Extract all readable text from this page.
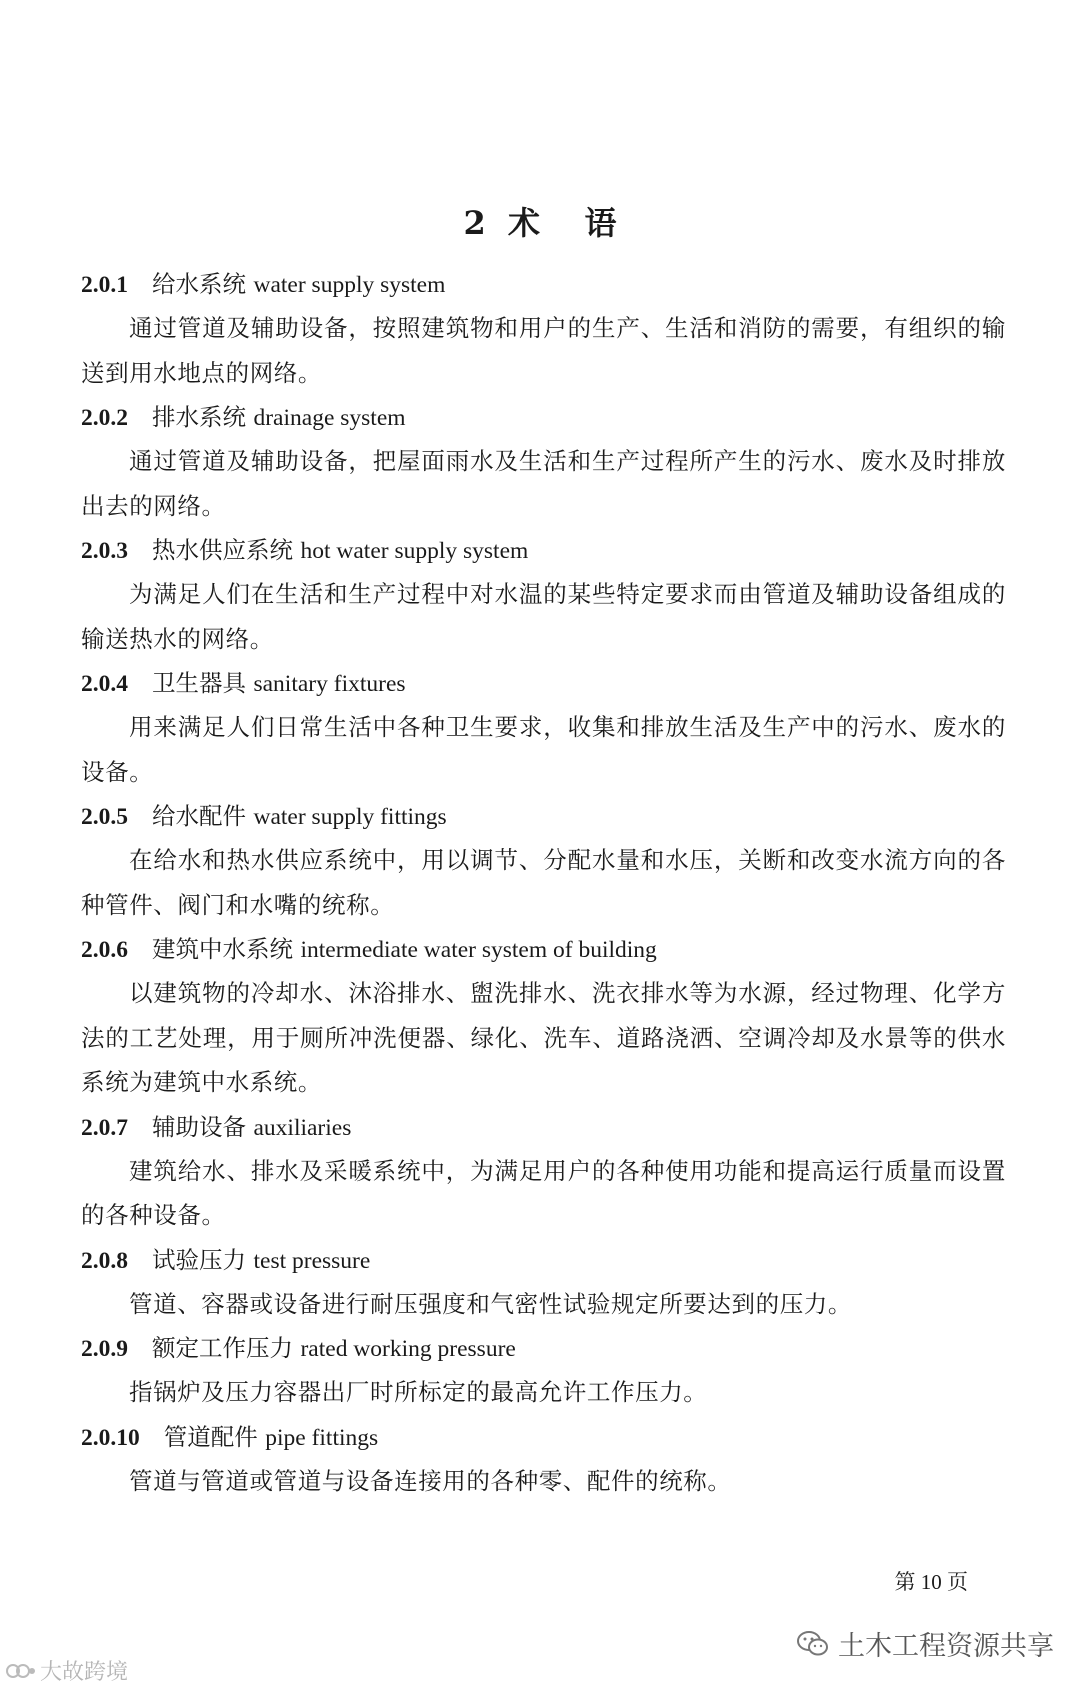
2  术    语
2.0.1 给水系统 water supply system

通过管道及辅助设备，按照建筑物和用户的生产、生活和消防的需要，有组织的输送到用水地点的网络。

2.0.2 排水系统 drainage system

通过管道及辅助设备，把屋面雨水及生活和生产过程所产生的污水、废水及时排放出去的网络。

2.0.3 热水供应系统 hot water supply system

为满足人们在生活和生产过程中对水温的某些特定要求而由管道及辅助设备组成的输送热水的网络。

2.0.4 卫生器具 sanitary fixtures

用来满足人们日常生活中各种卫生要求，收集和排放生活及生产中的污水、废水的设备。

2.0.5 给水配件 water supply fittings

在给水和热水供应系统中，用以调节、分配水量和水压，关断和改变水流方向的各种管件、阀门和水嘴的统称。

2.0.6 建筑中水系统 intermediate water system of building

以建筑物的冷却水、沐浴排水、盥洗排水、洗衣排水等为水源，经过物理、化学方法的工艺处理，用于厕所冲洗便器、绿化、洗车、道路浇洒、空调冷却及水景等的供水系统为建筑中水系统。

2.0.7 辅助设备 auxiliaries

建筑给水、排水及采暖系统中，为满足用户的各种使用功能和提高运行质量而设置的各种设备。

2.0.8 试验压力 test pressure

管道、容器或设备进行耐压强度和气密性试验规定所要达到的压力。

2.0.9 额定工作压力 rated working pressure

指锅炉及压力容器出厂时所标定的最高允许工作压力。

2.0.10 管道配件 pipe fittings

管道与管道或管道与设备连接用的各种零、配件的统称。

第 10 页
土木工程资源共享
大故跨境
